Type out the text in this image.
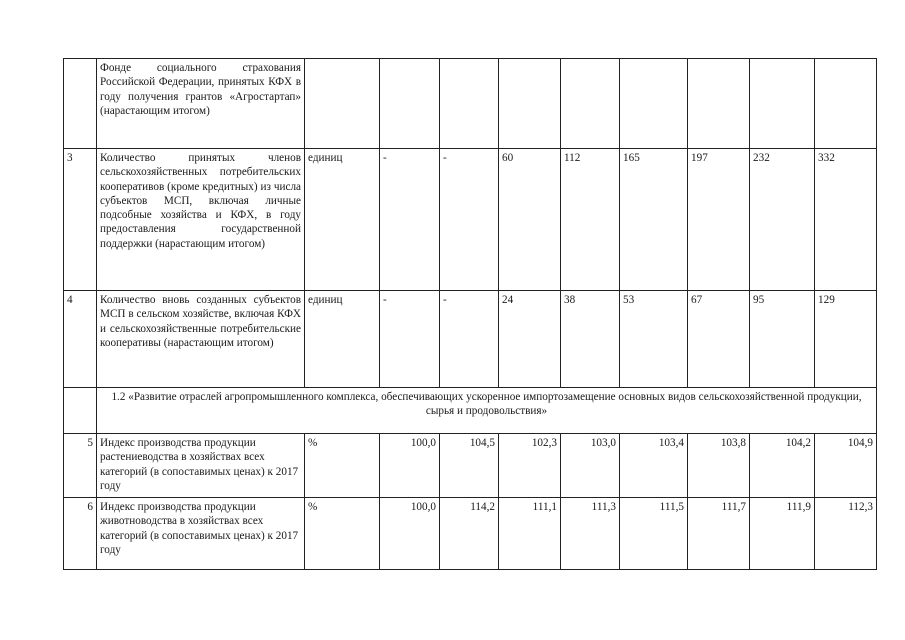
	Фонде социального страхования Российской Федерации, принятых КФХ в году получения грантов «Агростартап» (нарастающим итогом)									
3	Количество принятых членов сельскохозяйственных потребительских кооперативов (кроме кредитных) из числа субъектов МСП, включая личные подсобные хозяйства и КФХ, в году предоставления государственной поддержки (нарастающим итогом)	единиц	-	-	60	112	165	197	232	332
4	Количество вновь созданных субъектов МСП в сельском хозяйстве, включая КФХ и сельскохозяйственные потребительские кооперативы (нарастающим итогом)	единиц	-	-	24	38	53	67	95	129
	1.2 «Развитие отраслей агропромышленного комплекса, обеспечивающих ускоренное импортозамещение основных видов сельскохозяйственной продукции, сырья и продовольствия»									
5	Индекс производства продукции растениеводства в хозяйствах всех категорий (в сопоставимых ценах) к 2017 году	%	100,0	104,5	102,3	103,0	103,4	103,8	104,2	104,9
6	Индекс производства продукции животноводства в хозяйствах всех категорий (в сопоставимых ценах) к 2017 году	%	100,0	114,2	111,1	111,3	111,5	111,7	111,9	112,3
